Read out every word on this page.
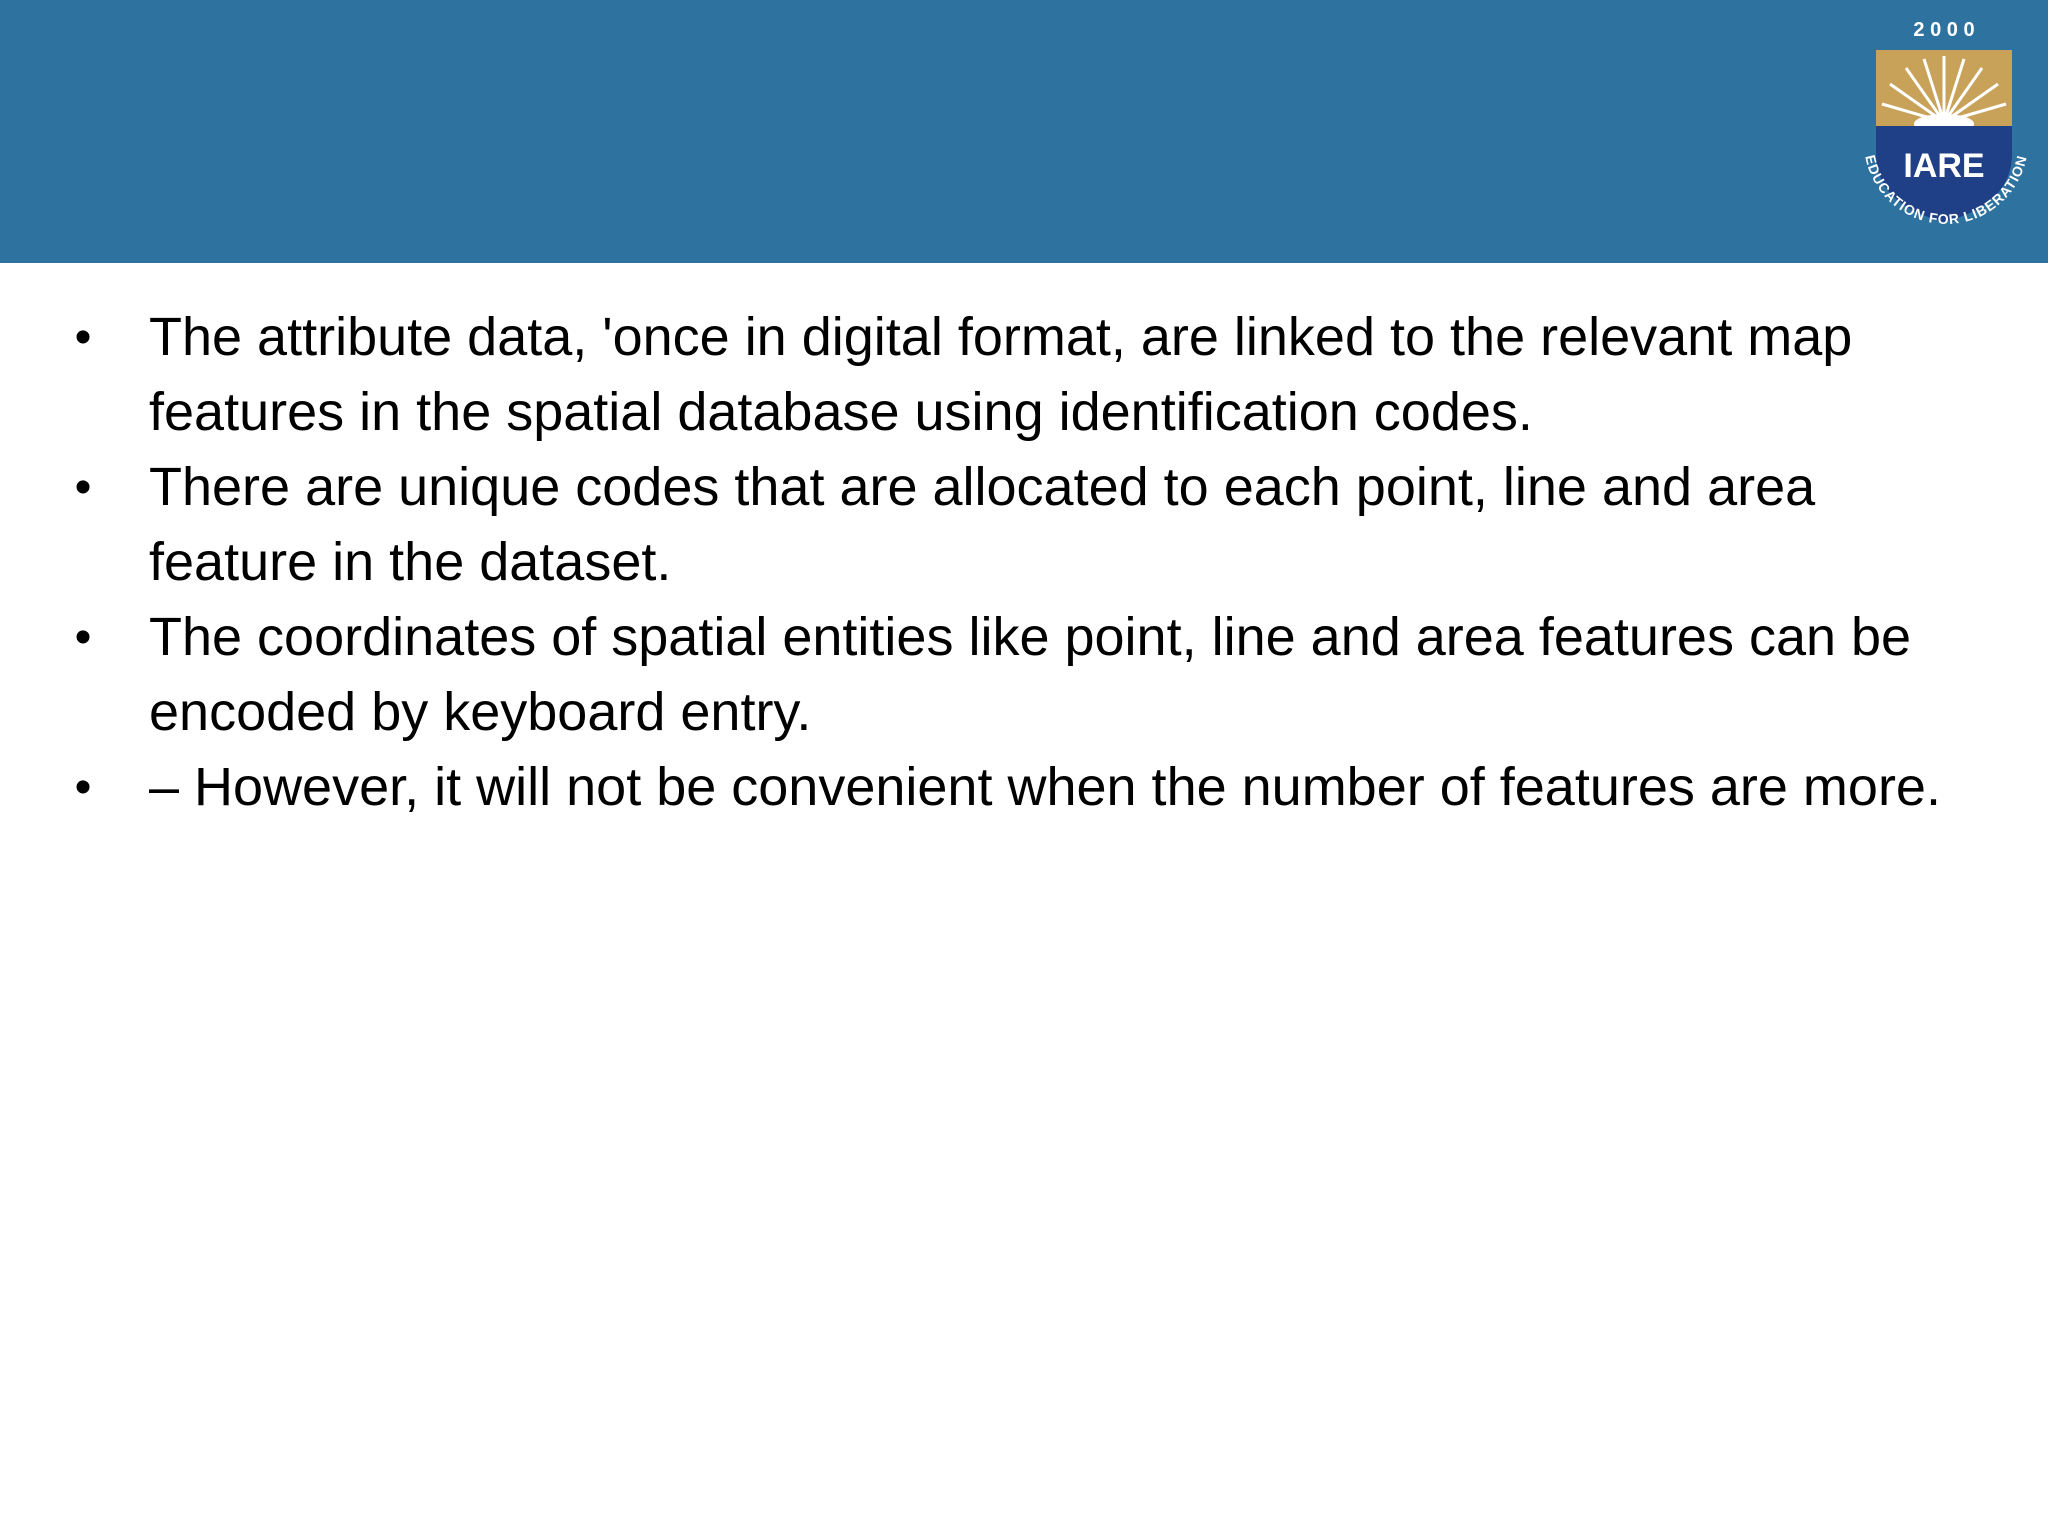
2 0 0 0
IARE
EDUCATION FOR LIBERATION
• The attribute data, 'once in digital format, are linked to the relevant map features in the spatial database using identification codes.
• There are unique codes that are allocated to each point, line and area feature in the dataset.
• The coordinates of spatial entities like point, line and area features can be encoded by keyboard entry.
• – However, it will not be convenient when the number of features are more.
